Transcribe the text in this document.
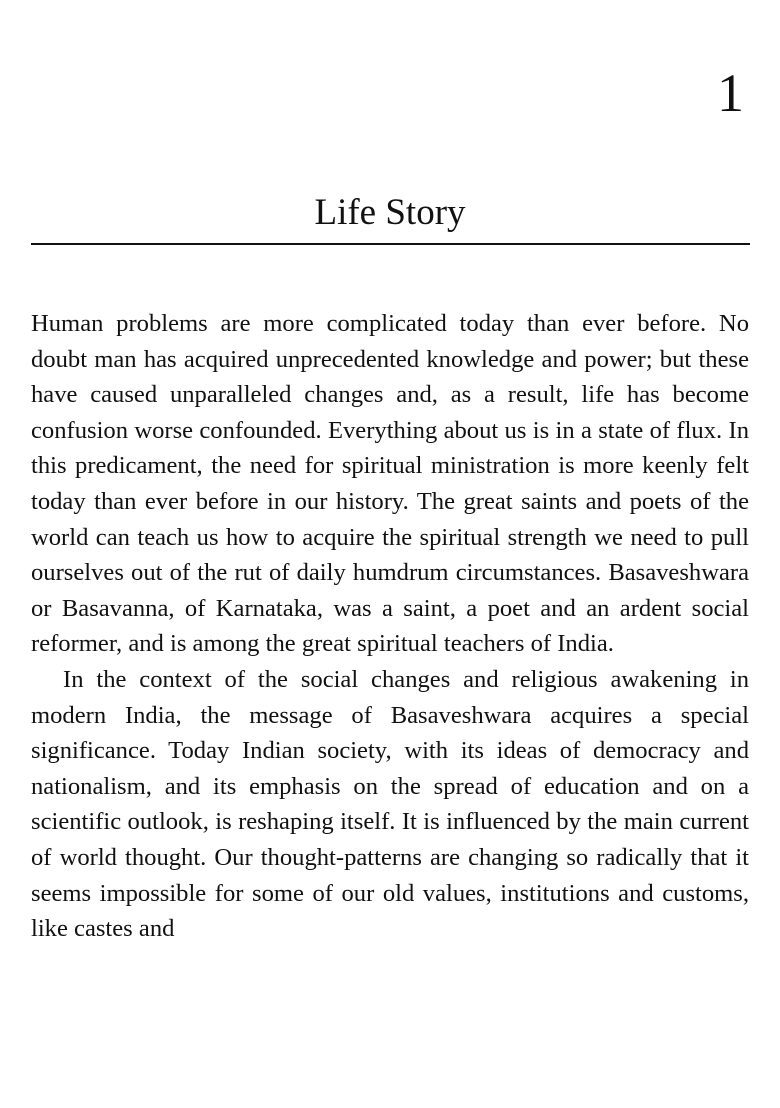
1
Life Story

Human problems are more complicated today than ever before. No doubt man has acquired unprecedented knowledge and power; but these have caused unparalleled changes and, as a result, life has become confusion worse confounded. Everything about us is in a state of flux. In this predicament, the need for spiritual ministration is more keenly felt today than ever before in our history. The great saints and poets of the world can teach us how to acquire the spiritual strength we need to pull ourselves out of the rut of daily humdrum circumstances. Basaveshwara or Basavanna, of Karnataka, was a saint, a poet and an ardent social reformer, and is among the great spiritual teachers of India.

In the context of the social changes and religious awakening in modern India, the message of Basaveshwara acquires a special significance. Today Indian society, with its ideas of democracy and nationalism, and its emphasis on the spread of education and on a scientific outlook, is reshaping itself. It is influenced by the main current of world thought. Our thought-patterns are changing so radically that it seems impossible for some of our old values, institutions and customs, like castes and
